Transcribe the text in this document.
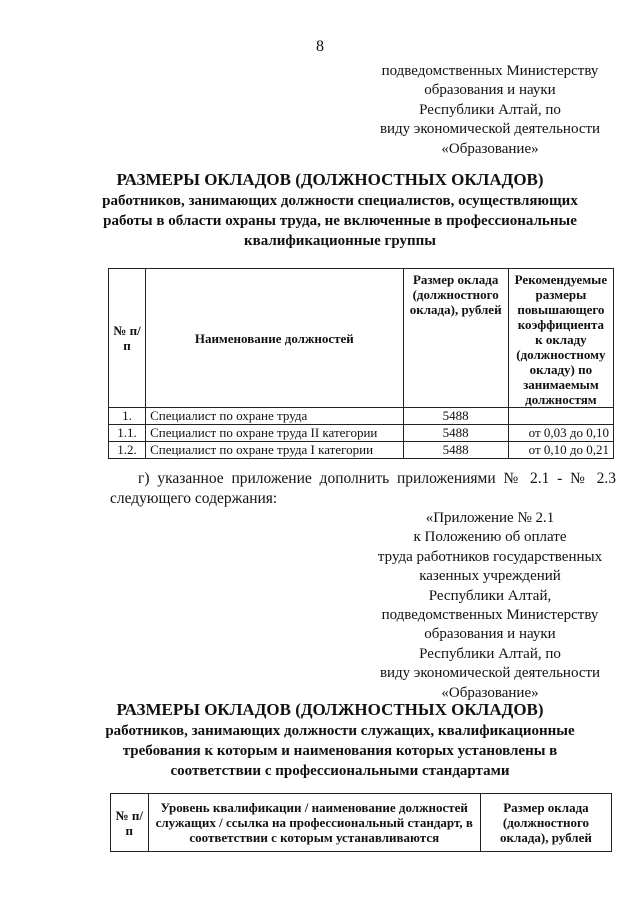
8
подведомственных Министерству
образования и науки
Республики Алтай, по
виду экономической деятельности
«Образование»
РАЗМЕРЫ ОКЛАДОВ (ДОЛЖНОСТНЫХ ОКЛАДОВ)
работников, занимающих должности специалистов, осуществляющих
работы в области охраны труда, не включенные в профессиональные
квалификационные группы
№ п/п	Наименование должностей	Размер оклада (должностного оклада), рублей	Рекомендуемые размеры повышающего коэффициента к окладу (должностному окладу) по занимаемым должностям
1.	Специалист по охране труда	5488	
1.1.	Специалист по охране труда II категории	5488	от 0,03 до 0,10
1.2.	Специалист по охране труда I категории	5488	от 0,10 до 0,21
г) указанное приложение дополнить приложениями № 2.1 - № 2.3
следующего содержания:
«Приложение № 2.1
к Положению об оплате
труда работников государственных
казенных учреждений
Республики Алтай,
подведомственных Министерству
образования и науки
Республики Алтай, по
виду экономической деятельности
«Образование»
РАЗМЕРЫ ОКЛАДОВ (ДОЛЖНОСТНЫХ ОКЛАДОВ)
работников, занимающих должности служащих, квалификационные
требования к которым и наименования которых установлены в
соответствии с профессиональными стандартами
№ п/п	Уровень квалификации / наименование должностей служащих / ссылка на профессиональный стандарт, в соответствии с которым устанавливаются	Размер оклада (должностного оклада), рублей
